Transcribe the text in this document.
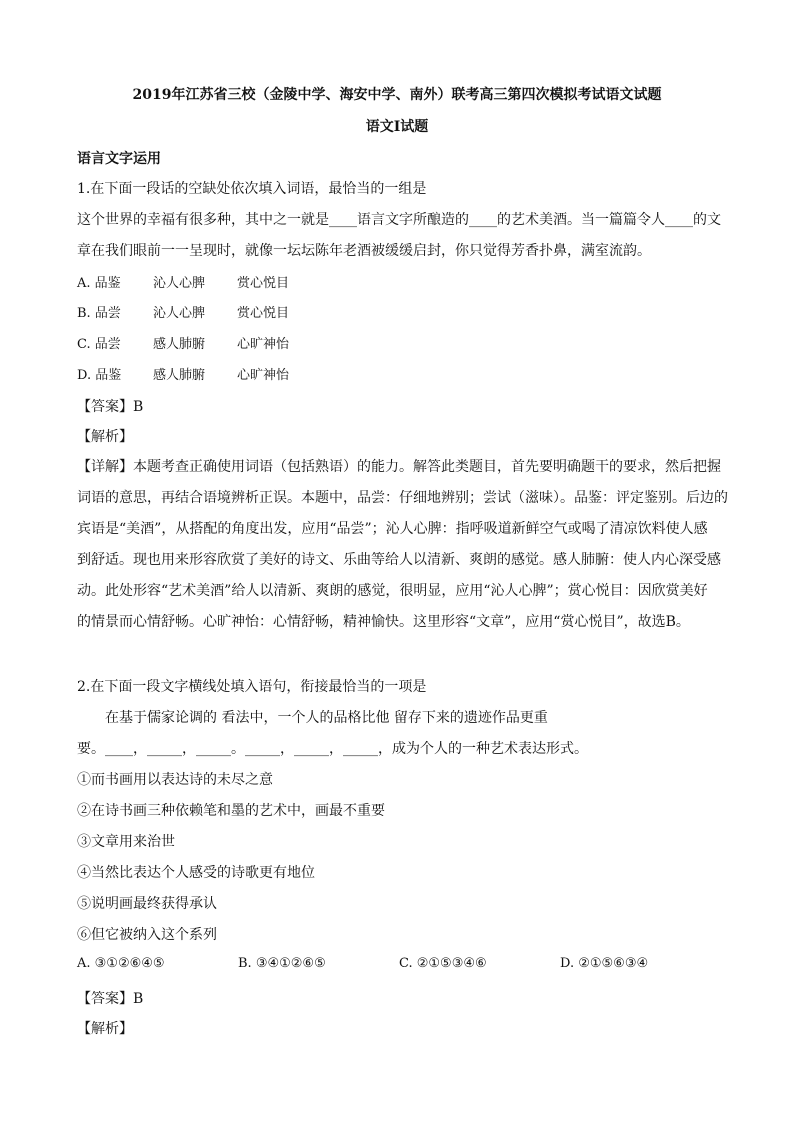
2019年江苏省三校（金陵中学、海安中学、南外）联考高三第四次模拟考试语文试题
语文Ⅰ试题
语言文字运用
1.在下面一段话的空缺处依次填入词语，最恰当的一组是
这个世界的幸福有很多种，其中之一就是____语言文字所酿造的____的艺术美酒。当一篇篇令人____的文
章在我们眼前一一呈现时，就像一坛坛陈年老酒被缓缓启封，你只觉得芳香扑鼻，满室流韵。
A. 品鉴 沁人心脾 赏心悦目
B. 品尝 沁人心脾 赏心悦目
C. 品尝 感人肺腑 心旷神怡
D. 品鉴 感人肺腑 心旷神怡
【答案】B
【解析】
【详解】本题考查正确使用词语（包括熟语）的能力。解答此类题目，首先要明确题干的要求，然后把握
词语的意思，再结合语境辨析正误。本题中，品尝：仔细地辨别；尝试（滋味）。品鉴：评定鉴别。后边的
宾语是“美酒”，从搭配的角度出发，应用“品尝”；沁人心脾：指呼吸道新鲜空气或喝了清凉饮料使人感
到舒适。现也用来形容欣赏了美好的诗文、乐曲等给人以清新、爽朗的感觉。感人肺腑：使人内心深受感
动。此处形容“艺术美酒”给人以清新、爽朗的感觉，很明显，应用“沁人心脾”；赏心悦目：因欣赏美好
的情景而心情舒畅。心旷神怡：心情舒畅，精神愉快。这里形容“文章”，应用“赏心悦目”，故选B。
2.在下面一段文字横线处填入语句，衔接最恰当的一项是
在基于儒家论调的 看法中，一个人的品格比他 留存下来的遗迹作品更重
要。____，_____，_____。_____，_____，_____，成为个人的一种艺术表达形式。
①而书画用以表达诗的未尽之意
②在诗书画三种依赖笔和墨的艺术中，画最不重要
③文章用来治世
④当然比表达个人感受的诗歌更有地位
⑤说明画最终获得承认
⑥但它被纳入这个系列
A. ③①②⑥④⑤	B. ③④①②⑥⑤	C. ②①⑤③④⑥	D. ②①⑤⑥③④
【答案】B
【解析】
